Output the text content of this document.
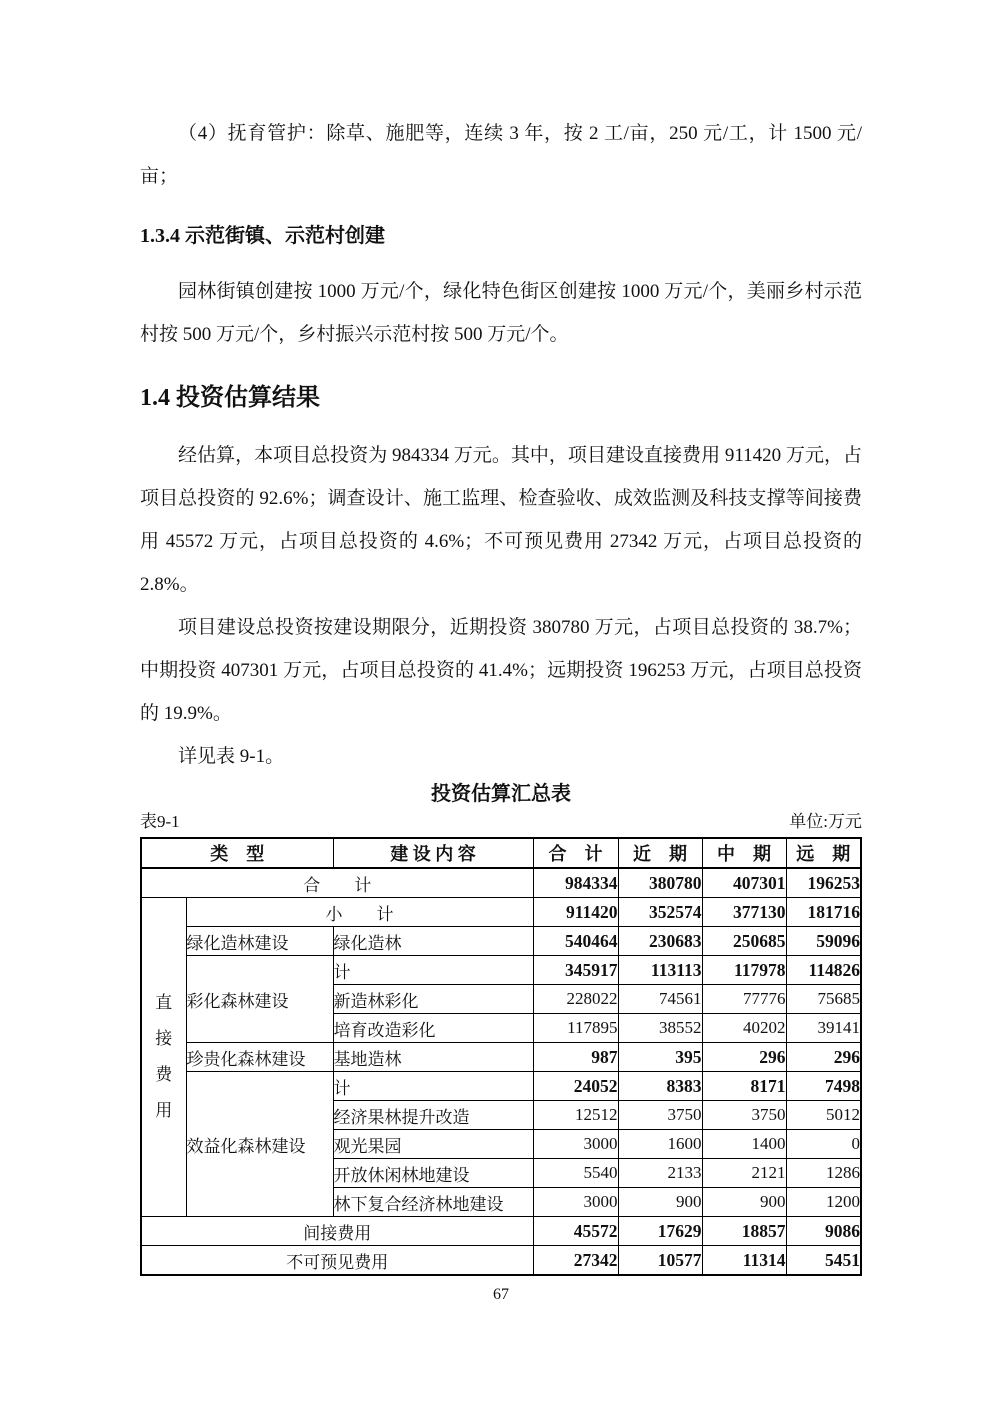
（4）抚育管护：除草、施肥等，连续 3 年，按 2 工/亩，250 元/工，计 1500 元/亩；

1.3.4 示范街镇、示范村创建

园林街镇创建按 1000 万元/个，绿化特色街区创建按 1000 万元/个，美丽乡村示范村按 500 万元/个，乡村振兴示范村按 500 万元/个。

1.4 投资估算结果

经估算，本项目总投资为 984334 万元。其中，项目建设直接费用 911420 万元，占项目总投资的 92.6%；调查设计、施工监理、检查验收、成效监测及科技支撑等间接费用 45572 万元，占项目总投资的 4.6%；不可预见费用 27342 万元，占项目总投资的 2.8%。

项目建设总投资按建设期限分，近期投资 380780 万元，占项目总投资的 38.7%；中期投资 407301 万元，占项目总投资的 41.4%；远期投资 196253 万元，占项目总投资的 19.9%。

详见表 9-1。

投资估算汇总表
表9-1	单位:万元
类　型		建 设 内 容	合　计	近　期	中　期	远　期
合　　计			984334	380780	407301	196253

直接费用	小　　计		911420	352574	377130	181716
	绿化造林建设	绿化造林	540464	230683	250685	59096
	彩化森林建设	计	345917	113113	117978	114826
		新造林彩化	228022	74561	77776	75685
		培育改造彩化	117895	38552	40202	39141
	珍贵化森林建设	基地造林	987	395	296	296
	效益化森林建设	计	24052	8383	8171	7498
		经济果林提升改造	12512	3750	3750	5012
		观光果园	3000	1600	1400	0
		开放休闲林地建设	5540	2133	2121	1286
		林下复合经济林地建设	3000	900	900	1200
间接费用			45572	17629	18857	9086
不可预见费用			27342	10577	11314	5451
67
